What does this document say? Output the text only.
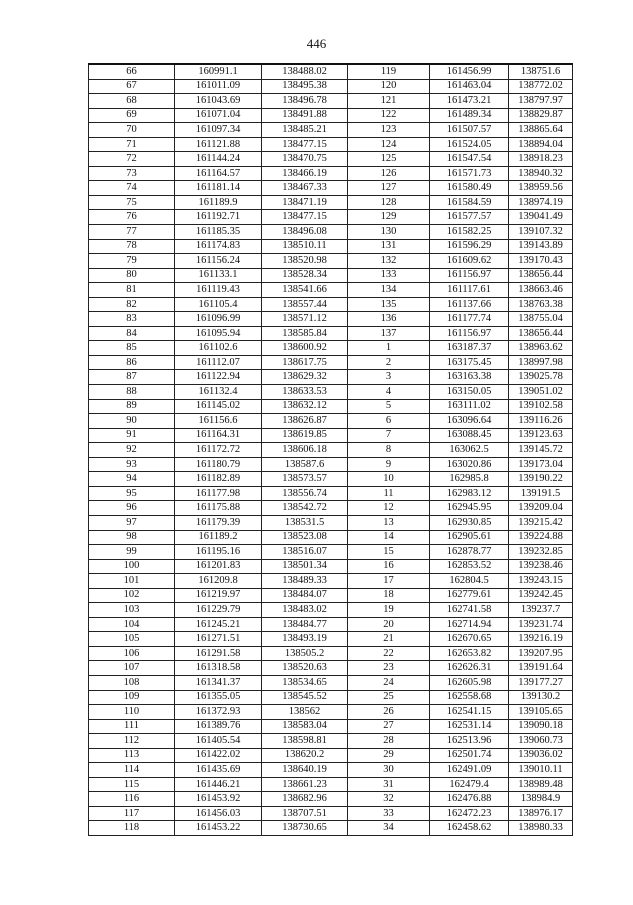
446
66	160991.1	138488.02	119	161456.99	138751.6
67	161011.09	138495.38	120	161463.04	138772.02
68	161043.69	138496.78	121	161473.21	138797.97
69	161071.04	138491.88	122	161489.34	138829.87
70	161097.34	138485.21	123	161507.57	138865.64
71	161121.88	138477.15	124	161524.05	138894.04
72	161144.24	138470.75	125	161547.54	138918.23
73	161164.57	138466.19	126	161571.73	138940.32
74	161181.14	138467.33	127	161580.49	138959.56
75	161189.9	138471.19	128	161584.59	138974.19
76	161192.71	138477.15	129	161577.57	139041.49
77	161185.35	138496.08	130	161582.25	139107.32
78	161174.83	138510.11	131	161596.29	139143.89
79	161156.24	138520.98	132	161609.62	139170.43
80	161133.1	138528.34	133	161156.97	138656.44
81	161119.43	138541.66	134	161117.61	138663.46
82	161105.4	138557.44	135	161137.66	138763.38
83	161096.99	138571.12	136	161177.74	138755.04
84	161095.94	138585.84	137	161156.97	138656.44
85	161102.6	138600.92	1	163187.37	138963.62
86	161112.07	138617.75	2	163175.45	138997.98
87	161122.94	138629.32	3	163163.38	139025.78
88	161132.4	138633.53	4	163150.05	139051.02
89	161145.02	138632.12	5	163111.02	139102.58
90	161156.6	138626.87	6	163096.64	139116.26
91	161164.31	138619.85	7	163088.45	139123.63
92	161172.72	138606.18	8	163062.5	139145.72
93	161180.79	138587.6	9	163020.86	139173.04
94	161182.89	138573.57	10	162985.8	139190.22
95	161177.98	138556.74	11	162983.12	139191.5
96	161175.88	138542.72	12	162945.95	139209.04
97	161179.39	138531.5	13	162930.85	139215.42
98	161189.2	138523.08	14	162905.61	139224.88
99	161195.16	138516.07	15	162878.77	139232.85
100	161201.83	138501.34	16	162853.52	139238.46
101	161209.8	138489.33	17	162804.5	139243.15
102	161219.97	138484.07	18	162779.61	139242.45
103	161229.79	138483.02	19	162741.58	139237.7
104	161245.21	138484.77	20	162714.94	139231.74
105	161271.51	138493.19	21	162670.65	139216.19
106	161291.58	138505.2	22	162653.82	139207.95
107	161318.58	138520.63	23	162626.31	139191.64
108	161341.37	138534.65	24	162605.98	139177.27
109	161355.05	138545.52	25	162558.68	139130.2
110	161372.93	138562	26	162541.15	139105.65
111	161389.76	138583.04	27	162531.14	139090.18
112	161405.54	138598.81	28	162513.96	139060.73
113	161422.02	138620.2	29	162501.74	139036.02
114	161435.69	138640.19	30	162491.09	139010.11
115	161446.21	138661.23	31	162479.4	138989.48
116	161453.92	138682.96	32	162476.88	138984.9
117	161456.03	138707.51	33	162472.23	138976.17
118	161453.22	138730.65	34	162458.62	138980.33
